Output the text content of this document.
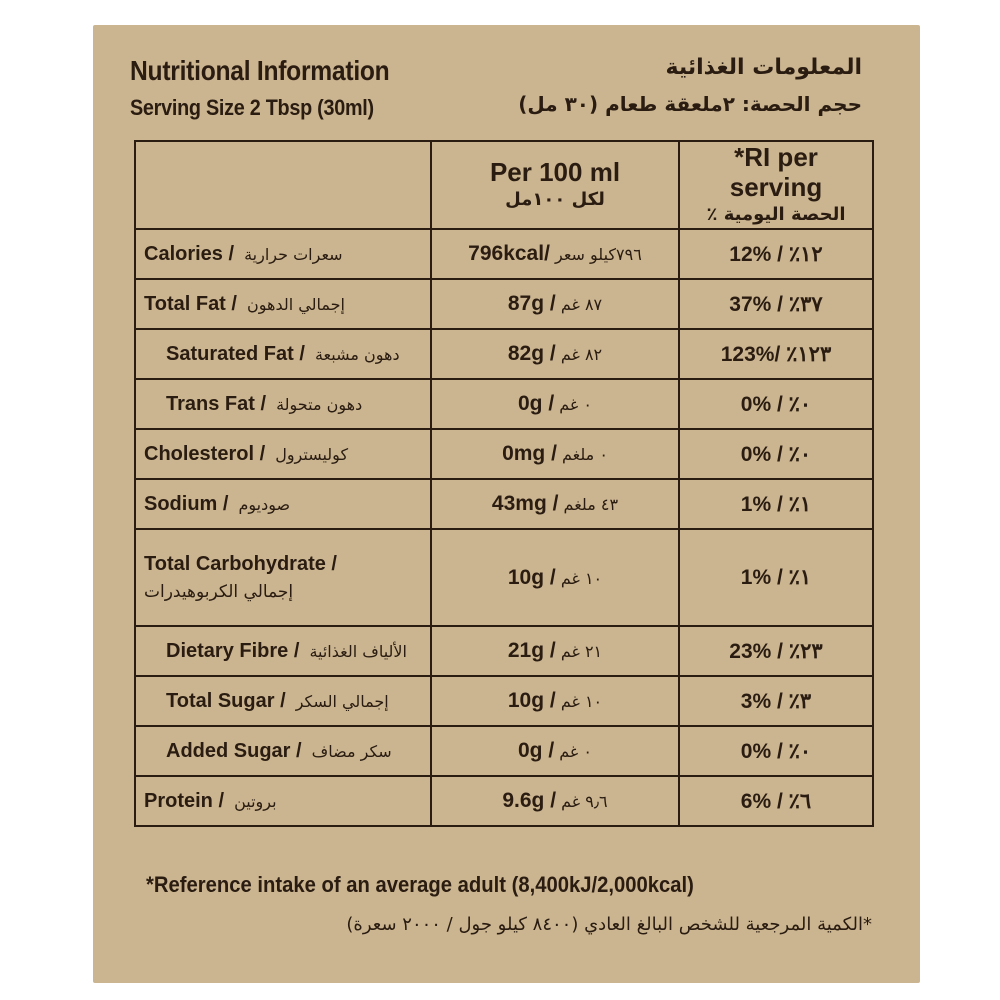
Nutritional Information
Serving Size 2 Tbsp (30ml)
المعلومات الغذائية
حجم الحصة: ٢ملعقة طعام (٣٠ مل)

	Per 100 ml
لكل ١٠٠مل	*RI per serving
الحصة اليومية ٪

Calories / سعرات حرارية	796kcal/ ٧٩٦كيلو سعر	12% / ٪١٢
Total Fat / إجمالي الدهون	87g / ٨٧ غم	37% / ٪٣٧
Saturated Fat / دهون مشبعة	82g / ٨٢ غم	123%/ ٪١٢٣
Trans Fat / دهون متحولة	0g / ٠ غم	0% / ٪٠
Cholesterol / كوليسترول	0mg / ٠ ملغم	0% / ٪٠
Sodium / صوديوم	43mg / ٤٣ ملغم	1% / ٪١
Total Carbohydrate /
إجمالي الكربوهيدرات	10g / ١٠ غم	1% / ٪١
Dietary Fibre / الألياف الغذائية	21g / ٢١ غم	23% / ٪٢٣
Total Sugar / إجمالي السكر	10g / ١٠ غم	3% / ٪٣
Added Sugar / سكر مضاف	0g / ٠ غم	0% / ٪٠
Protein / بروتين	9.6g / ٩٫٦ غم	6% / ٪٦
*Reference intake of an average adult (8,400kJ/2,000kcal)
*الكمية المرجعية للشخص البالغ العادي (٨٤٠٠ كيلو جول / ٢٠٠٠ سعرة)
